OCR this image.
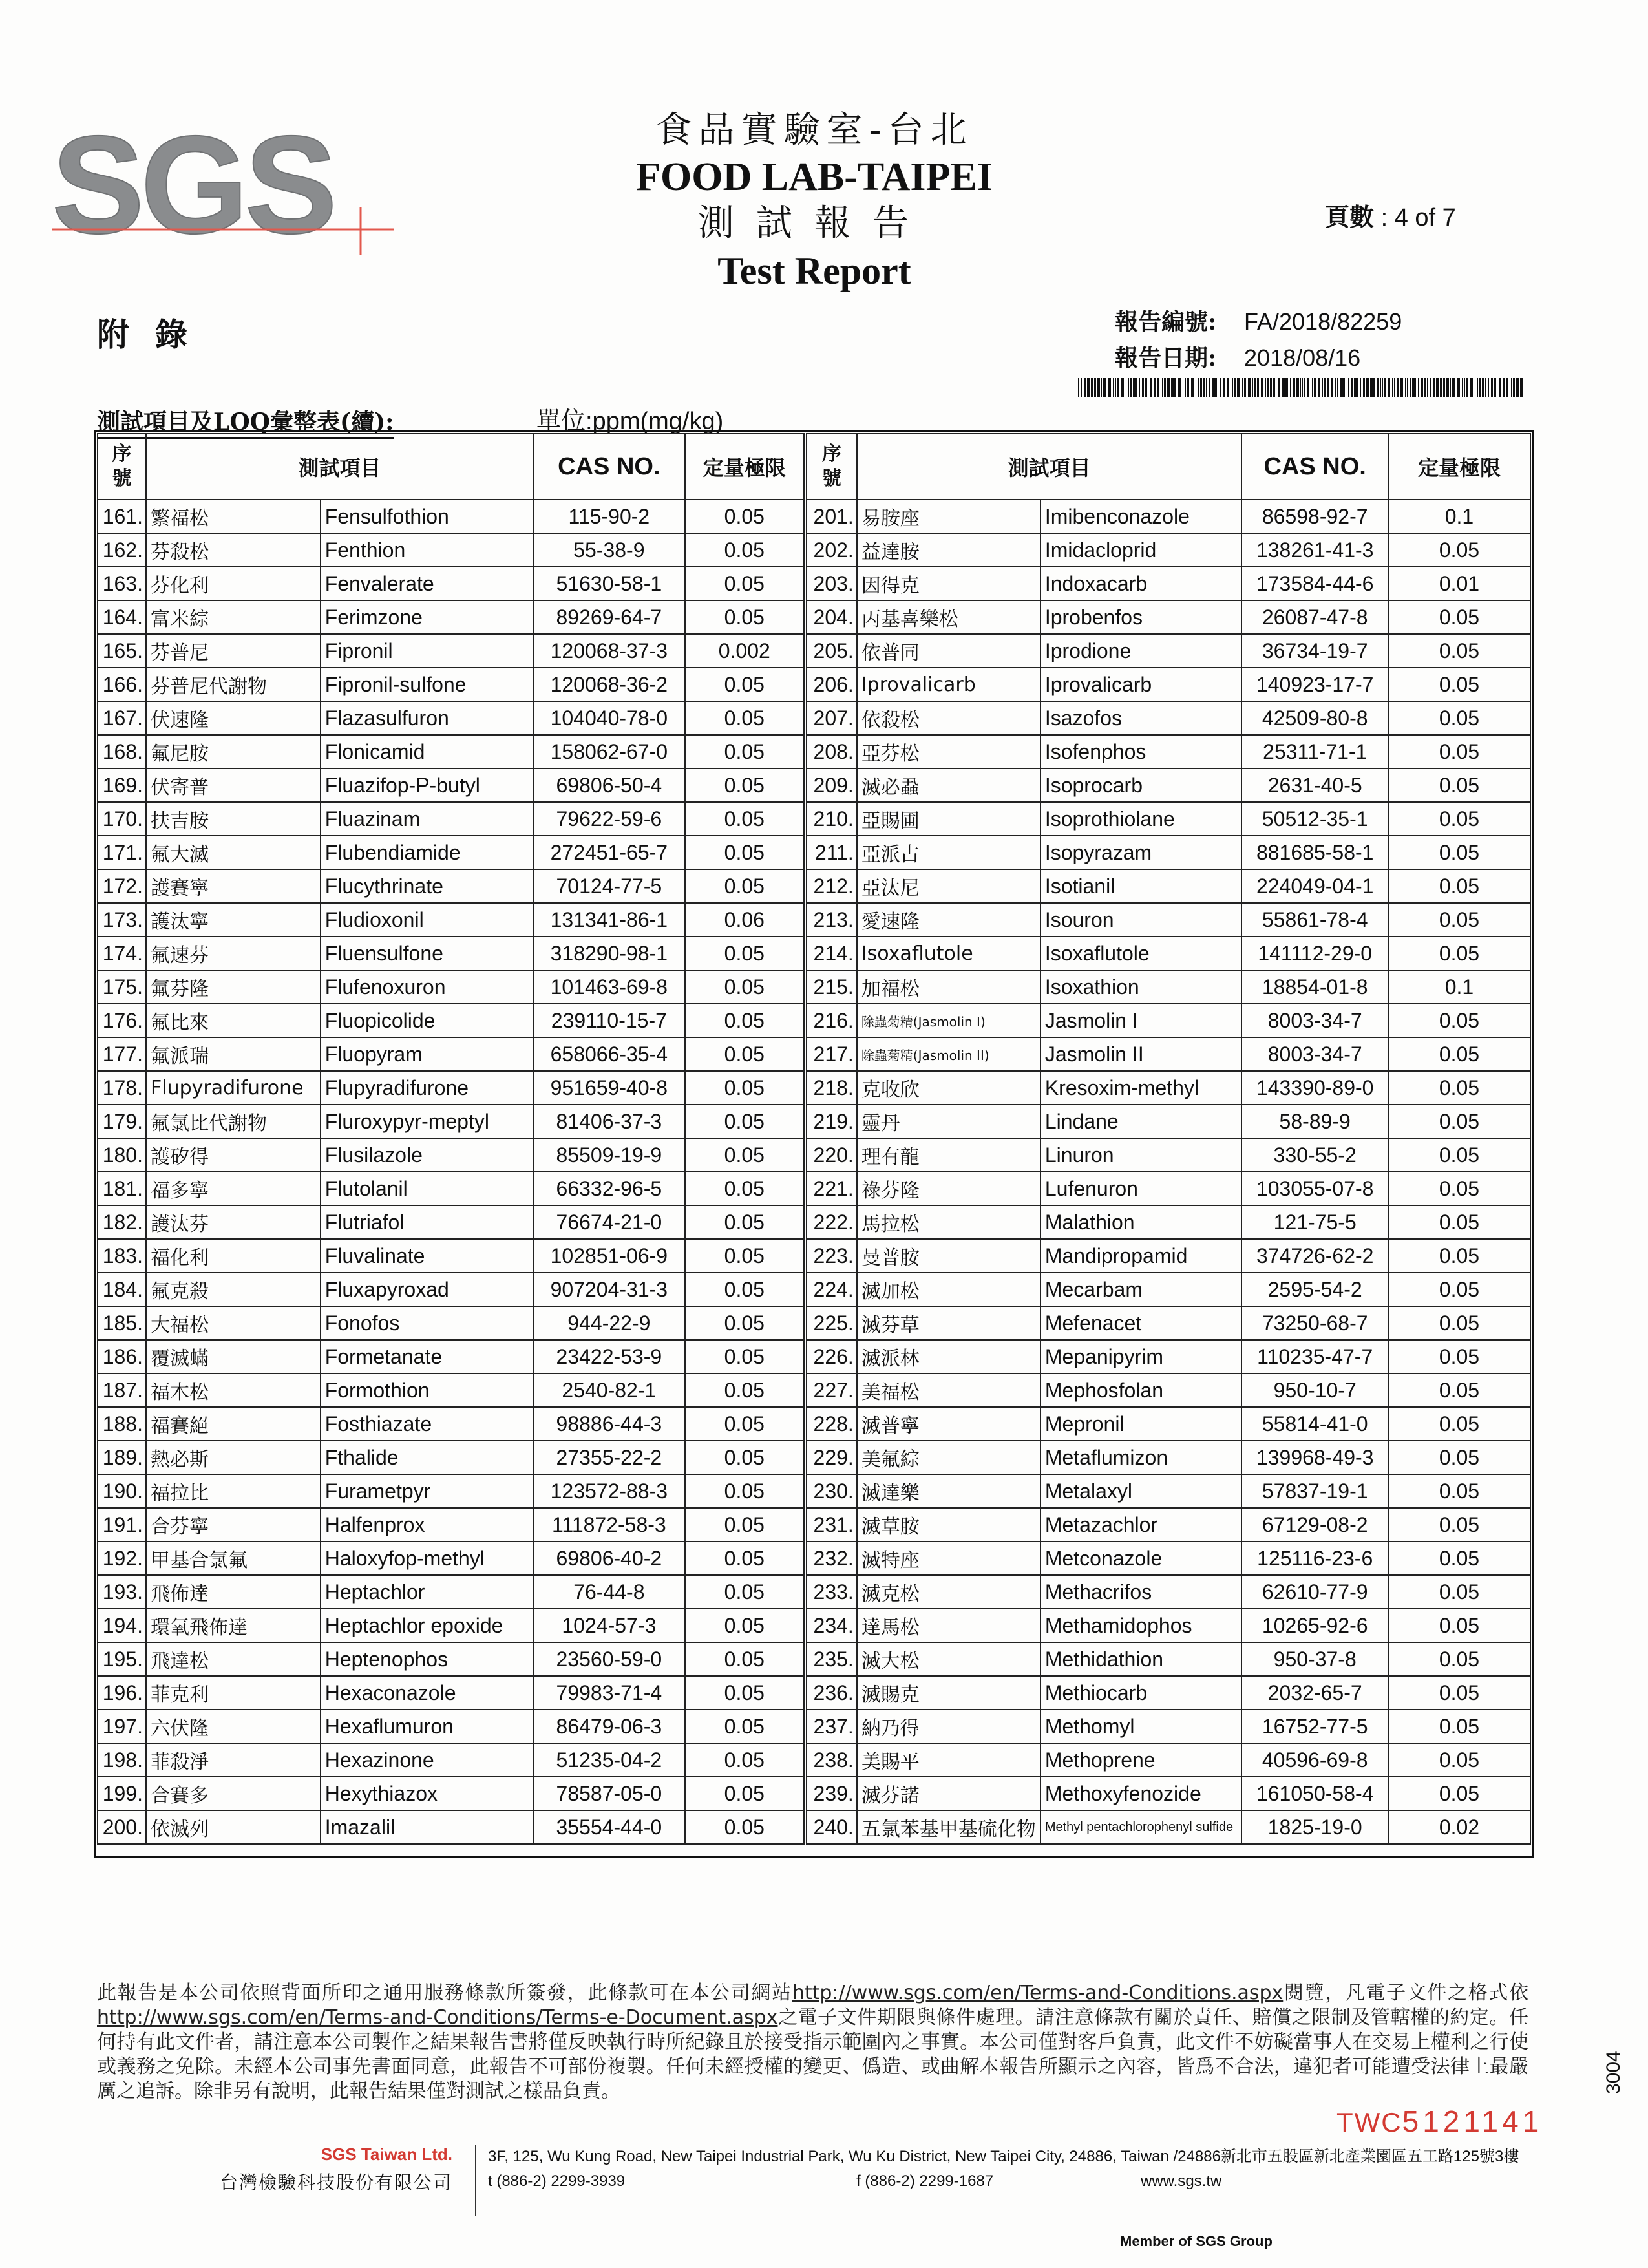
SGS	食品實驗室-台北
FOOD LAB-TAIPEI
測試報告
Test Report
頁數 : 4 of 7
附錄	報告編號: FA/2018/82259
報告日期: 2018/08/16
測試項目及LOQ彙整表(續):	單位:ppm(mg/kg)
序
號	測試項目		CAS NO.	定量極限
161.	繁福松	Fensulfothion	115-90-2	0.05
162.	芬殺松	Fenthion	55-38-9	0.05
163.	芬化利	Fenvalerate	51630-58-1	0.05
164.	富米綜	Ferimzone	89269-64-7	0.05
165.	芬普尼	Fipronil	120068-37-3	0.002
166.	芬普尼代謝物	Fipronil-sulfone	120068-36-2	0.05
167.	伏速隆	Flazasulfuron	104040-78-0	0.05
168.	氟尼胺	Flonicamid	158062-67-0	0.05
169.	伏寄普	Fluazifop-P-butyl	69806-50-4	0.05
170.	扶吉胺	Fluazinam	79622-59-6	0.05
171.	氟大滅	Flubendiamide	272451-65-7	0.05
172.	護賽寧	Flucythrinate	70124-77-5	0.05
173.	護汰寧	Fludioxonil	131341-86-1	0.06
174.	氟速芬	Fluensulfone	318290-98-1	0.05
175.	氟芬隆	Flufenoxuron	101463-69-8	0.05
176.	氟比來	Fluopicolide	239110-15-7	0.05
177.	氟派瑞	Fluopyram	658066-35-4	0.05
178.	Flupyradifurone	Flupyradifurone	951659-40-8	0.05
179.	氟氯比代謝物	Fluroxypyr-meptyl	81406-37-3	0.05
180.	護矽得	Flusilazole	85509-19-9	0.05
181.	福多寧	Flutolanil	66332-96-5	0.05
182.	護汰芬	Flutriafol	76674-21-0	0.05
183.	福化利	Fluvalinate	102851-06-9	0.05
184.	氟克殺	Fluxapyroxad	907204-31-3	0.05
185.	大福松	Fonofos	944-22-9	0.05
186.	覆滅蟎	Formetanate	23422-53-9	0.05
187.	福木松	Formothion	2540-82-1	0.05
188.	福賽絕	Fosthiazate	98886-44-3	0.05
189.	熱必斯	Fthalide	27355-22-2	0.05
190.	福拉比	Furametpyr	123572-88-3	0.05
191.	合芬寧	Halfenprox	111872-58-3	0.05
192.	甲基合氯氟	Haloxyfop-methyl	69806-40-2	0.05
193.	飛佈達	Heptachlor	76-44-8	0.05
194.	環氧飛佈達	Heptachlor epoxide	1024-57-3	0.05
195.	飛達松	Heptenophos	23560-59-0	0.05
196.	菲克利	Hexaconazole	79983-71-4	0.05
197.	六伏隆	Hexaflumuron	86479-06-3	0.05
198.	菲殺淨	Hexazinone	51235-04-2	0.05
199.	合賽多	Hexythiazox	78587-05-0	0.05
200.	依滅列	Imazalil	35554-44-0	0.05
序
號	測試項目		CAS NO.	定量極限
201.	易胺座	Imibenconazole	86598-92-7	0.1
202.	益達胺	Imidacloprid	138261-41-3	0.05
203.	因得克	Indoxacarb	173584-44-6	0.01
204.	丙基喜樂松	Iprobenfos	26087-47-8	0.05
205.	依普同	Iprodione	36734-19-7	0.05
206.	Iprovalicarb	Iprovalicarb	140923-17-7	0.05
207.	依殺松	Isazofos	42509-80-8	0.05
208.	亞芬松	Isofenphos	25311-71-1	0.05
209.	滅必蝨	Isoprocarb	2631-40-5	0.05
210.	亞賜圃	Isoprothiolane	50512-35-1	0.05
211.	亞派占	Isopyrazam	881685-58-1	0.05
212.	亞汰尼	Isotianil	224049-04-1	0.05
213.	愛速隆	Isouron	55861-78-4	0.05
214.	Isoxaflutole	Isoxaflutole	141112-29-0	0.05
215.	加福松	Isoxathion	18854-01-8	0.1
216.	除蟲菊精(Jasmolin I)	Jasmolin I	8003-34-7	0.05
217.	除蟲菊精(Jasmolin II)	Jasmolin II	8003-34-7	0.05
218.	克收欣	Kresoxim-methyl	143390-89-0	0.05
219.	靈丹	Lindane	58-89-9	0.05
220.	理有龍	Linuron	330-55-2	0.05
221.	祿芬隆	Lufenuron	103055-07-8	0.05
222.	馬拉松	Malathion	121-75-5	0.05
223.	曼普胺	Mandipropamid	374726-62-2	0.05
224.	滅加松	Mecarbam	2595-54-2	0.05
225.	滅芬草	Mefenacet	73250-68-7	0.05
226.	滅派林	Mepanipyrim	110235-47-7	0.05
227.	美福松	Mephosfolan	950-10-7	0.05
228.	滅普寧	Mepronil	55814-41-0	0.05
229.	美氟綜	Metaflumizon	139968-49-3	0.05
230.	滅達樂	Metalaxyl	57837-19-1	0.05
231.	滅草胺	Metazachlor	67129-08-2	0.05
232.	滅特座	Metconazole	125116-23-6	0.05
233.	滅克松	Methacrifos	62610-77-9	0.05
234.	達馬松	Methamidophos	10265-92-6	0.05
235.	滅大松	Methidathion	950-37-8	0.05
236.	滅賜克	Methiocarb	2032-65-7	0.05
237.	納乃得	Methomyl	16752-77-5	0.05
238.	美賜平	Methoprene	40596-69-8	0.05
239.	滅芬諾	Methoxyfenozide	161050-58-4	0.05
240.	五氯苯基甲基硫化物	Methyl pentachlorophenyl sulfide	1825-19-0	0.02
此報告是本公司依照背面所印之通用服務條款所簽發，此條款可在本公司網站http://www.sgs.com/en/Terms-and-Conditions.aspx閱覽，凡電子文件之格式依http://www.sgs.com/en/Terms-and-Conditions/Terms-e-Document.aspx之電子文件期限與條件處理。請注意條款有關於責任、賠償之限制及管轄權的約定。任何持有此文件者，請注意本公司製作之結果報告書將僅反映執行時所紀錄且於接受指示範圍內之事實。本公司僅對客戶負責，此文件不妨礙當事人在交易上權利之行使或義務之免除。未經本公司事先書面同意，此報告不可部份複製。任何未經授權的變更、僞造、或曲解本報告所顯示之內容，皆爲不合法，違犯者可能遭受法律上最嚴厲之追訴。除非另有說明，此報告結果僅對測試之樣品負責。
TWC5121141
3004
SGS Taiwan Ltd.
台灣檢驗科技股份有限公司
3F, 125, Wu Kung Road, New Taipei Industrial Park, Wu Ku District, New Taipei City, 24886, Taiwan /24886新北市五股區新北產業園區五工路125號3樓
t (886-2) 2299-3939	f (886-2) 2299-1687	www.sgs.tw
Member of SGS Group
